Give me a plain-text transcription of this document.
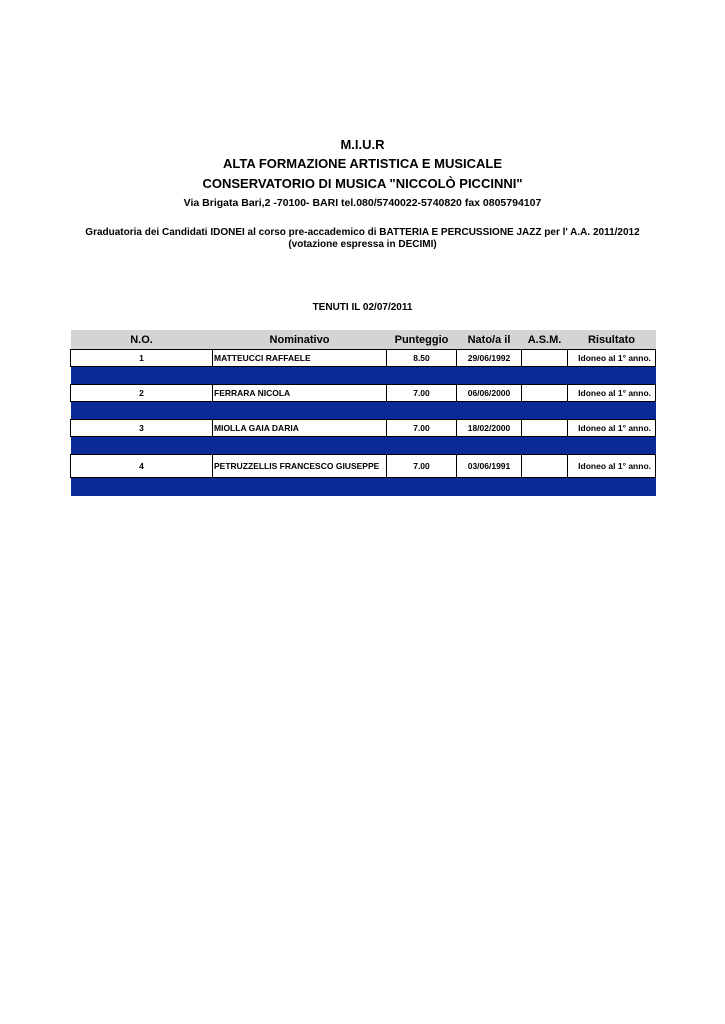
M.I.U.R
ALTA FORMAZIONE ARTISTICA E MUSICALE
CONSERVATORIO DI MUSICA "NICCOLÒ PICCINNI"
Via Brigata Bari,2 -70100- BARI tel.080/5740022-5740820 fax 0805794107
Graduatoria dei Candidati IDONEI al corso pre-accademico di BATTERIA E PERCUSSIONE JAZZ per l' A.A. 2011/2012 (votazione espressa in DECIMI)
TENUTI IL 02/07/2011
N.O.	Nominativo	Punteggio	Nato/a il	A.S.M.	Risultato
1	MATTEUCCI RAFFAELE	8.50	29/06/1992		Idoneo al 1° anno.

2	FERRARA NICOLA	7.00	06/06/2000		Idoneo al 1° anno.

3	MIOLLA GAIA DARIA	7.00	18/02/2000		Idoneo al 1° anno.

4	PETRUZZELLIS FRANCESCO GIUSEPPE	7.00	03/06/1991		Idoneo al 1° anno.
